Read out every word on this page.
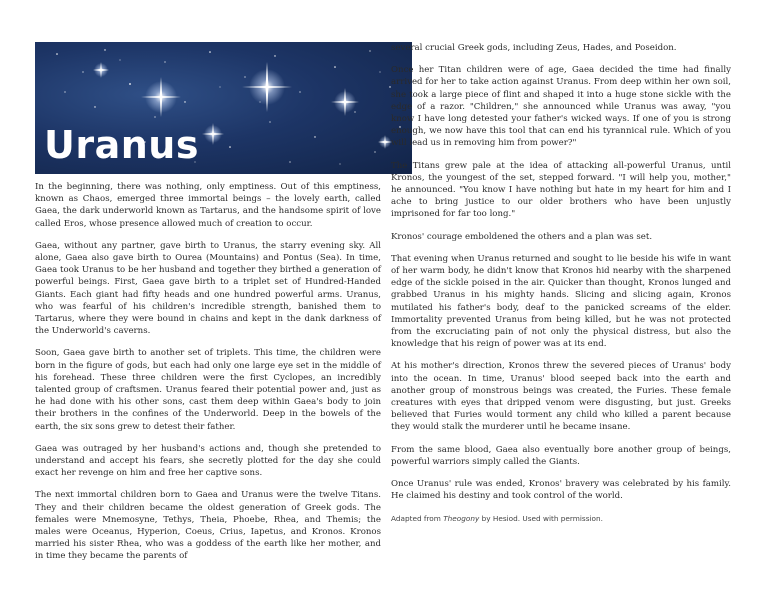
Uranus

In the beginning, there was nothing, only emptiness. Out of this emptiness, known as Chaos, emerged three immortal beings – the lovely earth, called Gaea, the dark underworld known as Tartarus, and the handsome spirit of love called Eros, whose presence allowed much of creation to occur.

Gaea, without any partner, gave birth to Uranus, the starry evening sky. All alone, Gaea also gave birth to Ourea (Mountains) and Pontus (Sea). In time, Gaea took Uranus to be her husband and together they birthed a generation of powerful beings. First, Gaea gave birth to a triplet set of Hundred-Handed Giants. Each giant had fifty heads and one hundred powerful arms. Uranus, who was fearful of his children's incredible strength, banished them to Tartarus, where they were bound in chains and kept in the dank darkness of the Underworld's caverns.

Soon, Gaea gave birth to another set of triplets. This time, the children were born in the figure of gods, but each had only one large eye set in the middle of his forehead. These three children were the first Cyclopes, an incredibly talented group of craftsmen. Uranus feared their potential power and, just as he had done with his other sons, cast them deep within Gaea's body to join their brothers in the confines of the Underworld. Deep in the bowels of the earth, the six sons grew to detest their father.

Gaea was outraged by her husband's actions and, though she pretended to understand and accept his fears, she secretly plotted for the day she could exact her revenge on him and free her captive sons.

The next immortal children born to Gaea and Uranus were the twelve Titans. They and their children became the oldest generation of Greek gods. The females were Mnemosyne, Tethys, Theia, Phoebe, Rhea, and Themis; the males were Oceanus, Hyperion, Coeus, Crius, Iapetus, and Kronos. Kronos married his sister Rhea, who was a goddess of the earth like her mother, and in time they became the parents of

several crucial Greek gods, including Zeus, Hades, and Poseidon.

Once her Titan children were of age, Gaea decided the time had finally arrived for her to take action against Uranus. From deep within her own soil, she took a large piece of flint and shaped it into a huge stone sickle with the edge of a razor. "Children," she announced while Uranus was away, "you know I have long detested your father's wicked ways. If one of you is strong enough, we now have this tool that can end his tyrannical rule. Which of you will lead us in removing him from power?"

The Titans grew pale at the idea of attacking all-powerful Uranus, until Kronos, the youngest of the set, stepped forward. "I will help you, mother," he announced. "You know I have nothing but hate in my heart for him and I ache to bring justice to our older brothers who have been unjustly imprisoned for far too long."

Kronos' courage emboldened the others and a plan was set.

That evening when Uranus returned and sought to lie beside his wife in want of her warm body, he didn't know that Kronos hid nearby with the sharpened edge of the sickle poised in the air. Quicker than thought, Kronos lunged and grabbed Uranus in his mighty hands. Slicing and slicing again, Kronos mutilated his father's body, deaf to the panicked screams of the elder. Immortality prevented Uranus from being killed, but he was not protected from the excruciating pain of not only the physical distress, but also the knowledge that his reign of power was at its end.

At his mother's direction, Kronos threw the severed pieces of Uranus' body into the ocean. In time, Uranus' blood seeped back into the earth and another group of monstrous beings was created, the Furies. These female creatures with eyes that dripped venom were disgusting, but just. Greeks believed that Furies would torment any child who killed a parent because they would stalk the murderer until he became insane.

From the same blood, Gaea also eventually bore another group of beings, powerful warriors simply called the Giants.

Once Uranus' rule was ended, Kronos' bravery was celebrated by his family. He claimed his destiny and took control of the world.

Adapted from Theogony by Hesiod. Used with permission.
